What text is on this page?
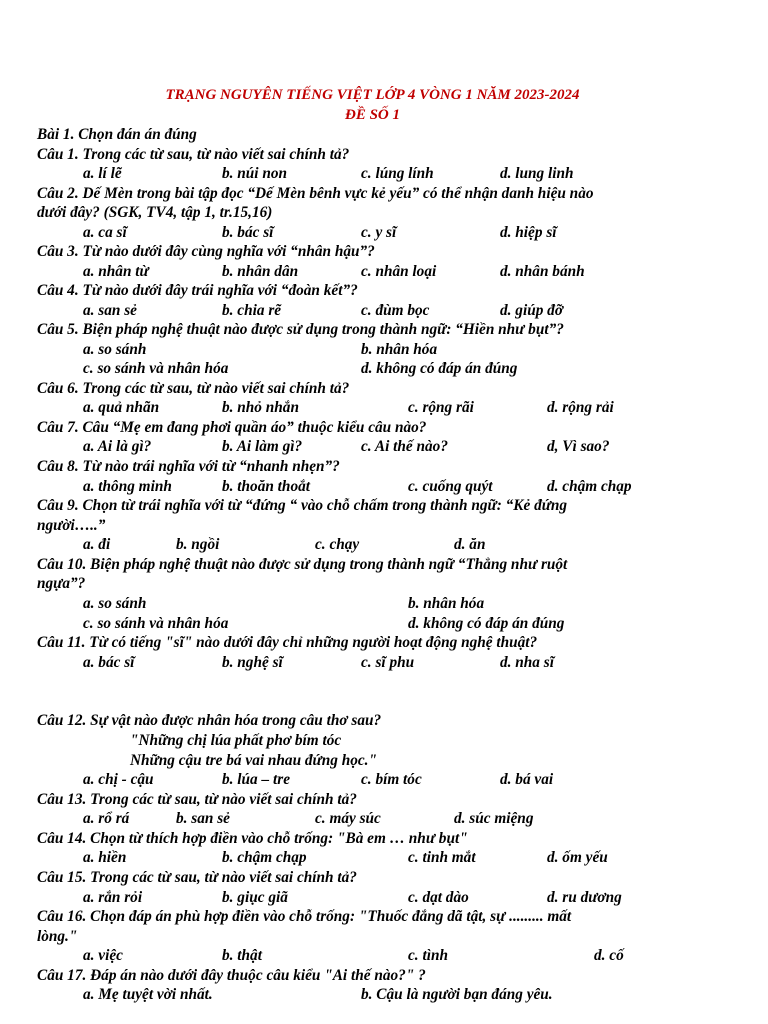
TRẠNG NGUYÊN TIẾNG VIỆT LỚP 4 VÒNG 1 NĂM 2023-2024
ĐỀ SỐ 1
Bài 1. Chọn đán án đúng
Câu 1. Trong các từ sau, từ nào viết sai chính tả?
a. lí lẽ	b. núi non	c. lúng lính	d. lung linh
Câu 2. Dế Mèn trong bài tập đọc “Dế Mèn bênh vực kẻ yếu” có thể nhận danh hiệu nào
dưới đây? (SGK, TV4, tập 1, tr.15,16)
a. ca sĩ	b. bác sĩ	c. y sĩ	d. hiệp sĩ
Câu 3. Từ nào dưới đây cùng nghĩa với “nhân hậu”?
a. nhân từ	b. nhân dân	c. nhân loại	d. nhân bánh
Câu 4. Từ nào dưới đây trái nghĩa với “đoàn kết”?
a. san sẻ	b. chia rẽ	c. đùm bọc	d. giúp đỡ
Câu 5. Biện pháp nghệ thuật nào được sử dụng trong thành ngữ: “Hiền như bụt”?
a. so sánh	b. nhân hóa
c. so sánh và nhân hóa	d. không có đáp án đúng
Câu 6. Trong các từ sau, từ nào viết sai chính tả?
a. quả nhãn	b. nhỏ nhắn	c. rộng rãi	d. rộng rải
Câu 7. Câu “Mẹ em đang phơi quần áo” thuộc kiểu câu nào?
a. Ai là gì?	b. Ai làm gì?	c. Ai thế nào?	d, Vì sao?
Câu 8. Từ nào trái nghĩa với từ “nhanh nhẹn”?
a. thông minh	b. thoăn thoắt	c. cuống quýt	d. chậm chạp
Câu 9. Chọn từ trái nghĩa với từ “đứng “ vào chỗ chấm trong thành ngữ: “Kẻ đứng
người…..”
a. đi	b. ngồi	c. chạy	d. ăn
Câu 10. Biện pháp nghệ thuật nào được sử dụng trong thành ngữ “Thẳng như ruột
ngựa”?
a. so sánh	b. nhân hóa
c. so sánh và nhân hóa	d. không có đáp án đúng
Câu 11. Từ có tiếng "sĩ" nào dưới đây chỉ những người hoạt động nghệ thuật?
a. bác sĩ	b. nghệ sĩ	c. sĩ phu	d. nha sĩ
Câu 12. Sự vật nào được nhân hóa trong câu thơ sau?
"Những chị lúa phất phơ bím tóc
Những cậu tre bá vai nhau đứng học."
a. chị - cậu	b. lúa – tre	c. bím tóc	d. bá vai
Câu 13. Trong các từ sau, từ nào viết sai chính tả?
a. rổ rá	b. san sẻ	c. máy súc	d. súc miệng
Câu 14. Chọn từ thích hợp điền vào chỗ trống: "Bà em … như bụt"
a. hiền	b. chậm chạp	c. tinh mắt	d. ốm yếu
Câu 15. Trong các từ sau, từ nào viết sai chính tả?
a. rắn rỏi	b. giục giã	c. dạt dào	d. ru dương
Câu 16. Chọn đáp án phù hợp điền vào chỗ trống: "Thuốc đắng dã tật, sự ......... mất
lòng."
a. việc	b. thật	c. tình	d. cố
Câu 17. Đáp án nào dưới đây thuộc câu kiểu "Ai thế nào?" ?
a. Mẹ tuyệt vời nhất.	b. Cậu là người bạn đáng yêu.
